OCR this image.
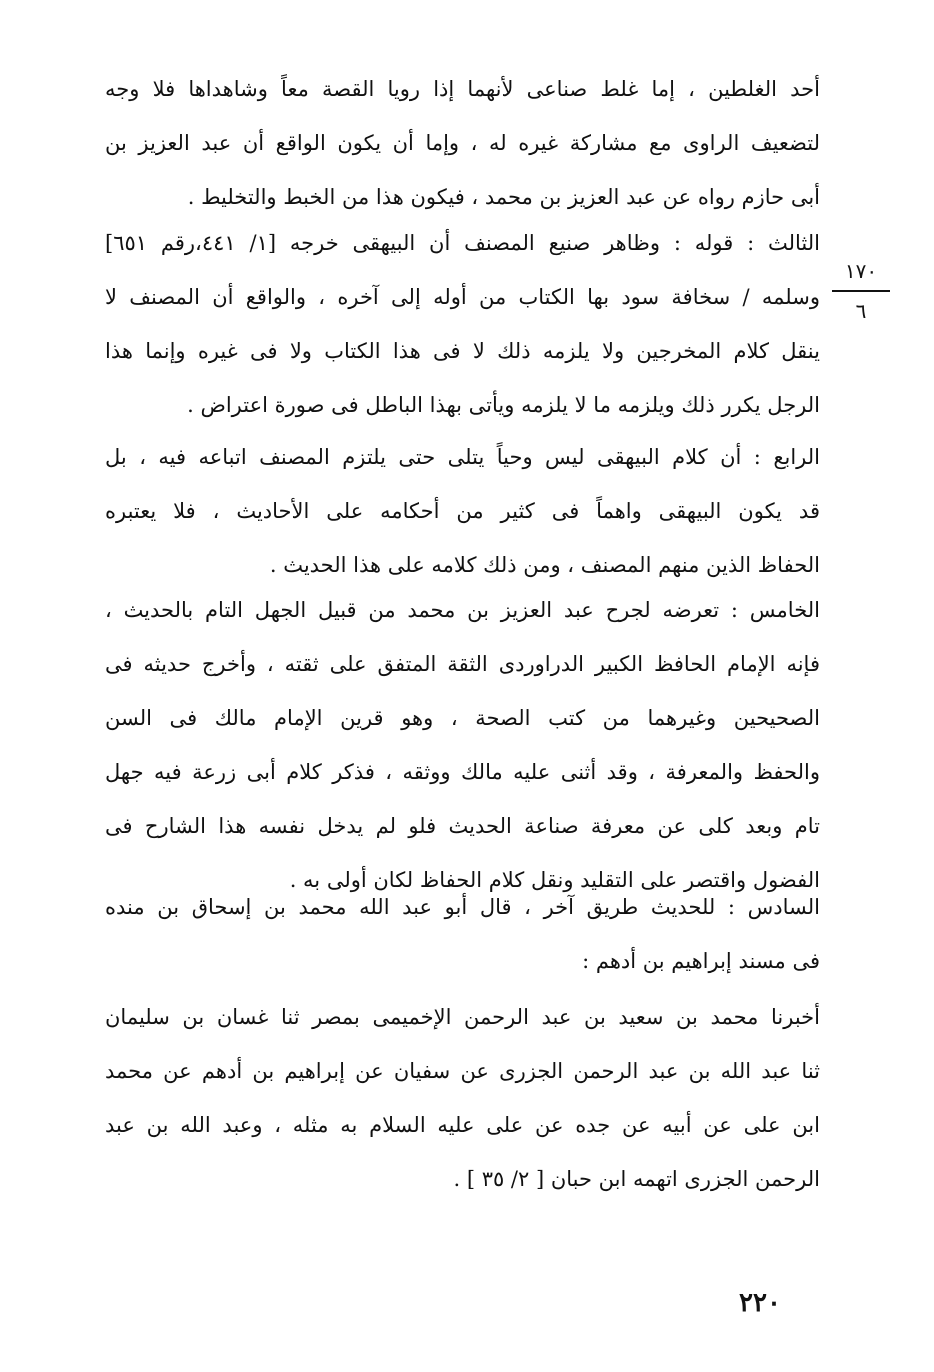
أحد الغلطين ، إما غلط صناعى لأنهما إذا رويا القصة معاً وشاهداها فلا وجه
لتضعيف الراوى مع مشاركة غيره له ، وإما أن يكون الواقع أن عبد العزيز بن
أبى حازم رواه عن عبد العزيز بن محمد ، فيكون هذا من الخبط والتخليط .
الثالث : قوله : وظاهر صنيع المصنف أن البيهقى خرجه [١/ ٤٤١،رقم ٦٥١]
وسلمه / سخافة سود بها الكتاب من أوله إلى آخره ، والواقع أن المصنف لا
ينقل كلام المخرجين ولا يلزمه ذلك لا فى هذا الكتاب ولا فى غيره وإنما هذا
الرجل يكرر ذلك ويلزمه ما لا يلزمه ويأتى بهذا الباطل فى صورة اعتراض .
١٧٠
٦
الرابع : أن كلام البيهقى ليس وحياً يتلى حتى يلتزم المصنف اتباعه فيه ، بل
قد يكون البيهقى واهماً فى كثير من أحكامه على الأحاديث ، فلا يعتبره
الحفاظ الذين منهم المصنف ، ومن ذلك كلامه على هذا الحديث .
الخامس : تعرضه لجرح عبد العزيز بن محمد من قبيل الجهل التام بالحديث ،
فإنه الإمام الحافظ الكبير الدراوردى الثقة المتفق على ثقته ، وأخرج حديثه فى
الصحيحين وغيرهما من كتب الصحة ، وهو قرين الإمام مالك فى السن
والحفظ والمعرفة ، وقد أثنى عليه مالك ووثقه ، فذكر كلام أبى زرعة فيه جهل
تام وبعد كلى عن معرفة صناعة الحديث فلو لم يدخل نفسه هذا الشارح فى
الفضول واقتصر على التقليد ونقل كلام الحفاظ لكان أولى به .
السادس : للحديث طريق آخر ، قال أبو عبد الله محمد بن إسحاق بن منده
فى مسند إبراهيم بن أدهم :
أخبرنا محمد بن سعيد بن عبد الرحمن الإخميمى بمصر ثنا غسان بن سليمان
ثنا عبد الله بن عبد الرحمن الجزرى عن سفيان عن إبراهيم بن أدهم عن محمد
ابن على عن أبيه عن جده عن على عليه السلام به مثله ، وعبد الله بن عبد
الرحمن الجزرى اتهمه ابن حبان [ ٢/ ٣٥ ] .
٢٢٠
